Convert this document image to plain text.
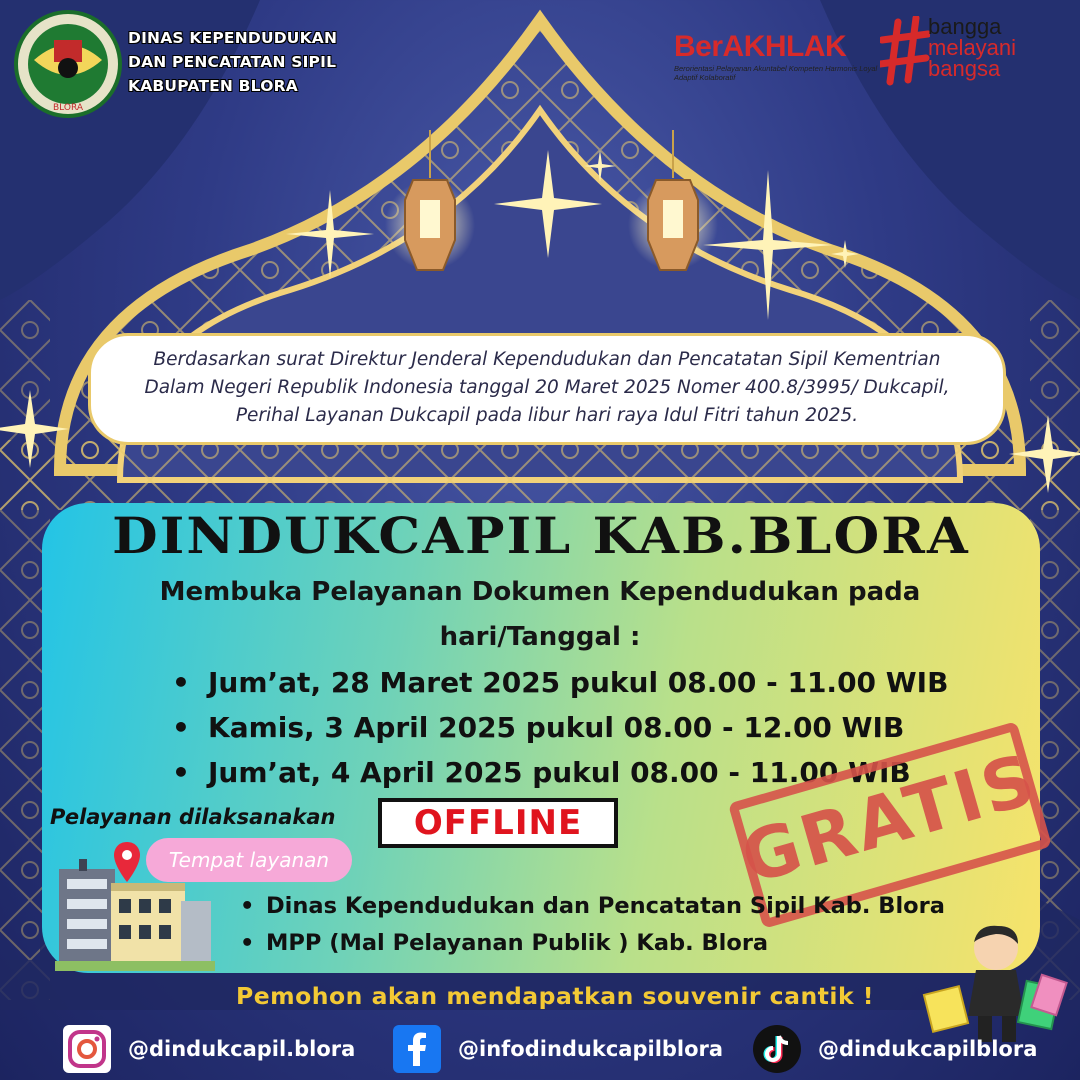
BLORA
DINAS KEPENDUDUKAN
DAN PENCATATAN SIPIL
KABUPATEN BLORA
BerAKHLAK
Berorientasi Pelayanan Akuntabel Kompeten Harmonis Loyal Adaptif Kolaboratif
bangga
melayani
bangsa
Berdasarkan surat Direktur Jenderal Kependudukan dan Pencatatan Sipil Kementrian
Dalam Negeri Republik Indonesia tanggal 20 Maret 2025 Nomer 400.8/3995/ Dukcapil,
Perihal Layanan Dukcapil pada libur hari raya Idul Fitri tahun 2025.
DINDUKCAPIL KAB.BLORA
Membuka Pelayanan Dokumen Kependudukan pada
hari/Tanggal :
• Jum’at, 28 Maret 2025 pukul 08.00 - 11.00 WIB
• Kamis, 3 April 2025 pukul 08.00 - 12.00 WIB
• Jum’at, 4 April 2025 pukul 08.00 - 11.00 WIB
Pelayanan dilaksanakan	OFFLINE	GRATIS
Tempat layanan
• Dinas Kependudukan dan Pencatatan Sipil Kab. Blora
• MPP (Mal Pelayanan Publik ) Kab. Blora
Pemohon akan mendapatkan souvenir cantik !
@dindukcapil.blora	@infodindukcapilblora	@dindukcapilblora
